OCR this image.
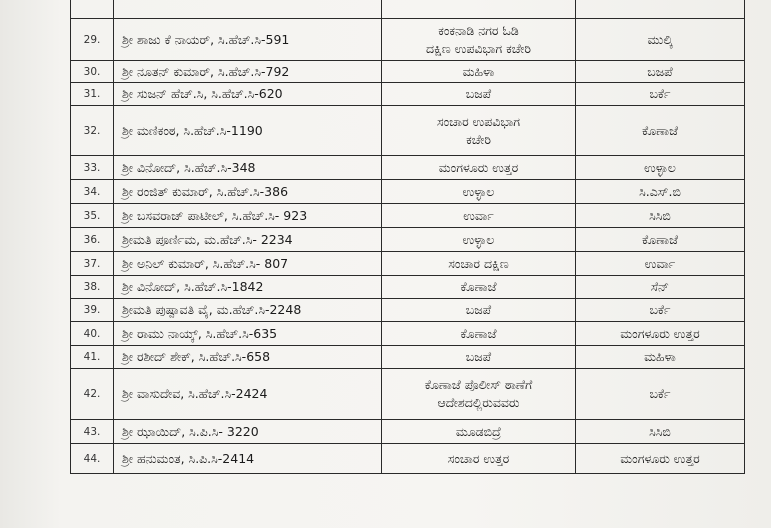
29.	ಶ್ರೀ ಶಾಜು ಕೆ ನಾಯರ್, ಸಿ.ಹೆಚ್.ಸಿ-591	ಕಂಕನಾಡಿ ನಗರ ಓಡಿ
ದಕ್ಷಿಣ ಉಪವಿಭಾಗ ಕಚೇರಿ	ಮುಲ್ಕಿ
30.	ಶ್ರೀ ನೂತನ್ ಕುಮಾರ್, ಸಿ.ಹೆಚ್.ಸಿ-792	ಮಹಿಳಾ	ಬಜಪೆ
31.	ಶ್ರೀ ಸುಜನ್ ಹೆಚ್.ಸಿ, ಸಿ.ಹೆಚ್.ಸಿ-620	ಬಜಪೆ	ಬರ್ಕೆ
32.	ಶ್ರೀ ಮಣಿಕಂಠ, ಸಿ.ಹೆಚ್.ಸಿ-1190	ಸಂಚಾರ ಉಪವಿಭಾಗ
ಕಚೇರಿ	ಕೊಣಾಜೆ
33.	ಶ್ರೀ ವಿನೋದ್, ಸಿ.ಹೆಚ್.ಸಿ-348	ಮಂಗಳೂರು ಉತ್ತರ	ಉಳ್ಳಾಲ
34.	ಶ್ರೀ ರಂಜಿತ್ ಕುಮಾರ್, ಸಿ.ಹೆಚ್.ಸಿ-386	ಉಳ್ಳಾಲ	ಸಿ.ಎಸ್.ಬಿ
35.	ಶ್ರೀ ಬಸವರಾಜ್ ಪಾಟೀಲ್, ಸಿ.ಹೆಚ್.ಸಿ- 923	ಉರ್ವಾ	ಸಿಸಿಬಿ
36.	ಶ್ರೀಮತಿ ಪೂರ್ಣಿಮ, ಮ.ಹೆಚ್.ಸಿ- 2234	ಉಳ್ಳಾಲ	ಕೊಣಾಜೆ
37.	ಶ್ರೀ ಅನಿಲ್ ಕುಮಾರ್, ಸಿ.ಹೆಚ್.ಸಿ- 807	ಸಂಚಾರ ದಕ್ಷಿಣ	ಉರ್ವಾ
38.	ಶ್ರೀ ವಿನೋದ್, ಸಿ.ಹೆಚ್.ಸಿ-1842	ಕೊಣಾಜೆ	ಸೆನ್
39.	ಶ್ರೀಮತಿ ಪುಷ್ಪಾವತಿ ವೈ, ಮ.ಹೆಚ್.ಸಿ-2248	ಬಜಪೆ	ಬರ್ಕೆ
40.	ಶ್ರೀ ರಾಮು ನಾಯ್ಕ್, ಸಿ.ಹೆಚ್.ಸಿ-635	ಕೊಣಾಜೆ	ಮಂಗಳೂರು ಉತ್ತರ
41.	ಶ್ರೀ ರಶೀದ್ ಶೇಕ್, ಸಿ.ಹೆಚ್.ಸಿ-658	ಬಜಪೆ	ಮಹಿಳಾ
42.	ಶ್ರೀ ವಾಸುದೇವ, ಸಿ.ಹೆಚ್.ಸಿ-2424	ಕೊಣಾಜೆ ಪೊಲೀಸ್ ಠಾಣೆಗೆ
ಆದೇಶದಲ್ಲಿರುವವರು	ಬರ್ಕೆ
43.	ಶ್ರೀ ಝಾಯಿದ್, ಸಿ.ಪಿ.ಸಿ- 3220	ಮೂಡಬಿದ್ರೆ	ಸಿಸಿಬಿ
44.	ಶ್ರೀ ಹನುಮಂತ, ಸಿ.ಪಿ.ಸಿ-2414	ಸಂಚಾರ ಉತ್ತರ	ಮಂಗಳೂರು ಉತ್ತರ
